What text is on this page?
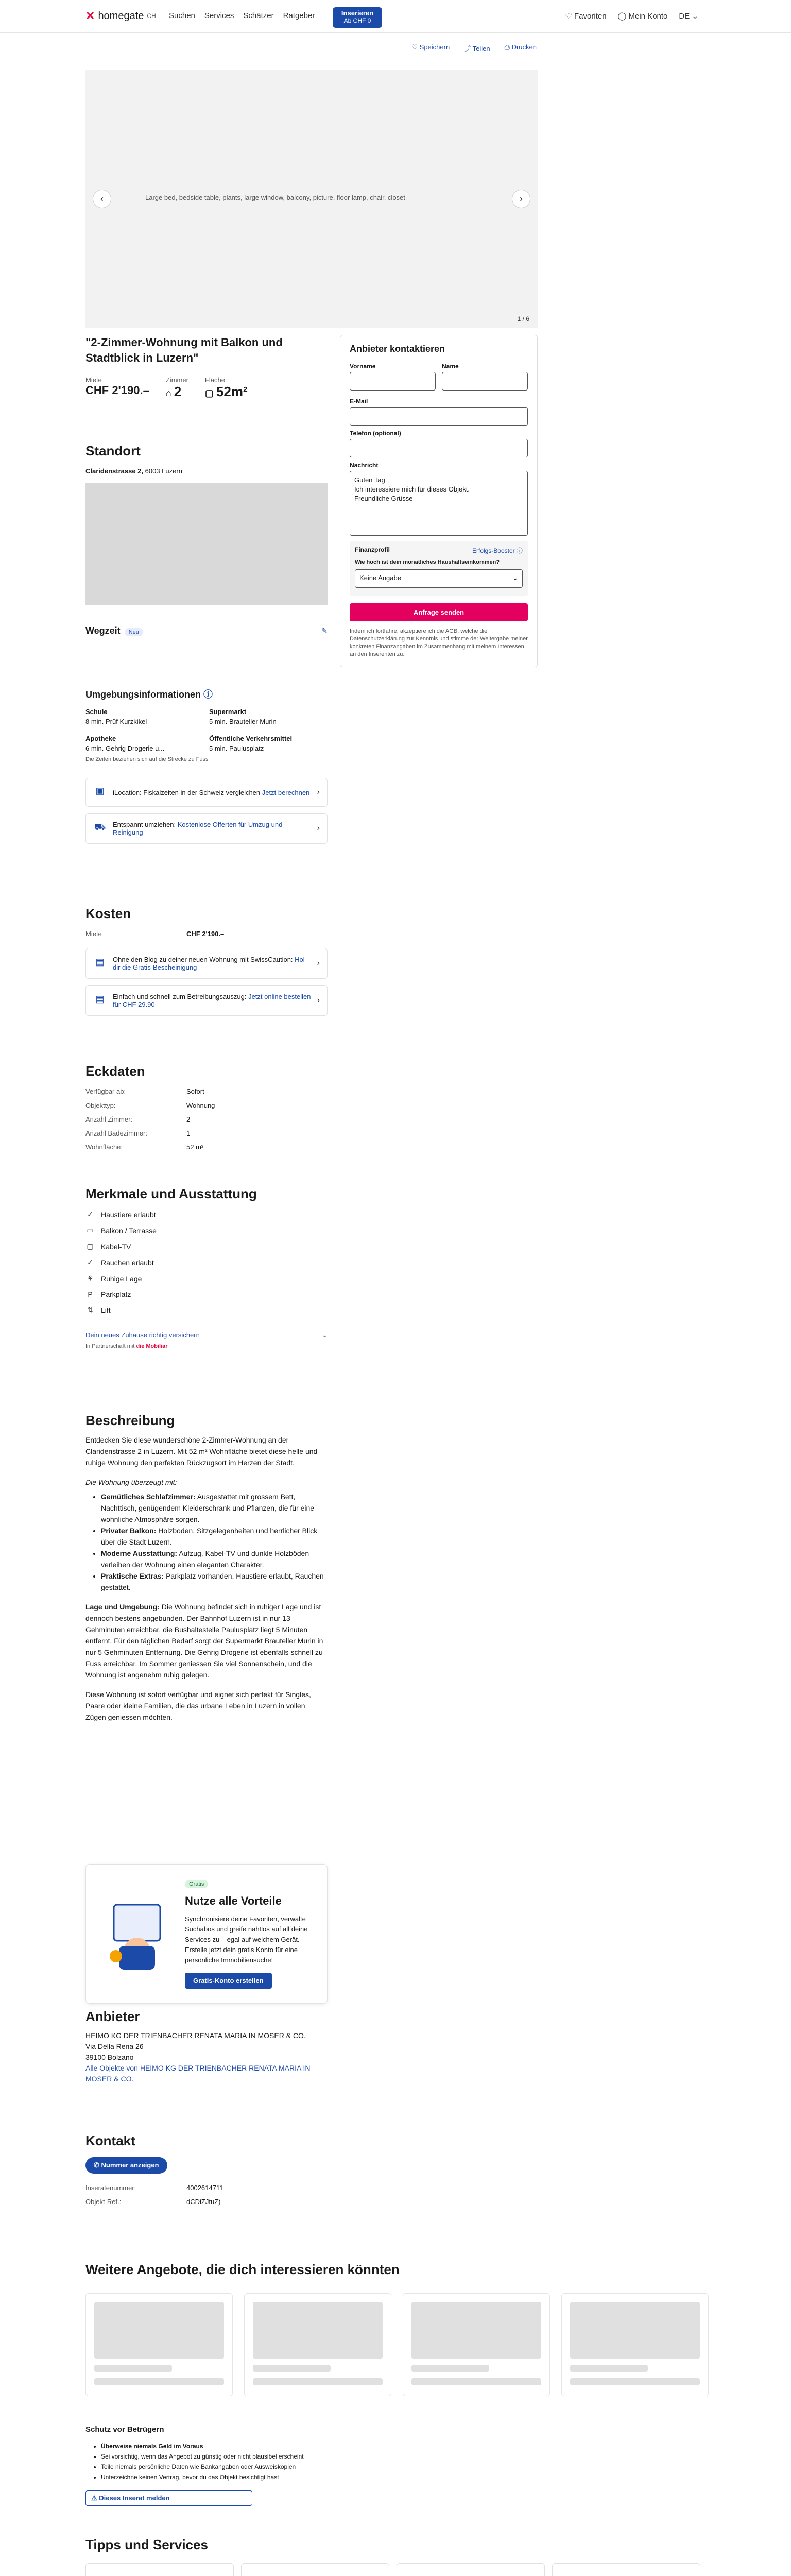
✕ homegate CH Suchen Services Schätzer Ratgeber	Inserieren
Ab CHF 0	♡ Favoriten ◯ Mein Konto DE ⌄
♡ Speichern ⤴ Teilen ⎙ Drucken
Large bed, bedside table, plants, large window, balcony, picture, floor lamp, chair, closet
‹	›
1 / 6
"2-Zimmer-Wohnung mit Balkon und Stadtblick in Luzern"
Miete
CHF 2'190.–
Zimmer
⌂ 2
Fläche
▢ 52m²
Standort
Claridenstrasse 2, 6003 Luzern
Wegzeit Neu	✎
Umgebungsinformationen ⓘ
Schule
8 min. Prüf Kurzkikel
Supermarkt
5 min. Brauteller Murin
Apotheke
6 min. Gehrig Drogerie u...
Öffentliche Verkehrsmittel
5 min. Paulusplatz
Die Zeiten beziehen sich auf die Strecke zu Fuss
▣	iLocation: Fiskalzeiten in der Schweiz vergleichen Jetzt berechnen ›
⛟ Entspannt umziehen: Kostenlose Offerten für Umzug und Reinigung	›
Kosten
Miete	CHF 2'190.–
▤	Ohne den Blog zu deiner neuen Wohnung mit SwissCaution: Hol dir die Gratis-Bescheinigung	›
▤	Einfach und schnell zum Betreibungsauszug: Jetzt online bestellen für CHF 29.90	›
Eckdaten
Verfügbar ab:	Sofort
Objekttyp:	Wohnung
Anzahl Zimmer:	2
Anzahl Badezimmer:	1
Wohnfläche:	52 m²
Merkmale und Ausstattung
✓ Haustiere erlaubt
▭ Balkon / Terrasse
▢ Kabel-TV
✓ Rauchen erlaubt
⚘ Ruhige Lage
P	Parkplatz
⇅ Lift
Dein neues Zuhause richtig versichern
In Partnerschaft mit die Mobiliar
⌄
Beschreibung

Entdecken Sie diese wunderschöne 2-Zimmer-Wohnung an der Claridenstrasse 2 in Luzern. Mit 52 m² Wohnfläche bietet diese helle und ruhige Wohnung den perfekten Rückzugsort im Herzen der Stadt.

Die Wohnung überzeugt mit:

• Gemütliches Schlafzimmer: Ausgestattet mit grossem Bett, Nachttisch, genügendem Kleiderschrank und Pflanzen, die für eine wohnliche Atmosphäre sorgen.
• Privater Balkon: Holzboden, Sitzgelegenheiten und herrlicher Blick über die Stadt Luzern.
• Moderne Ausstattung: Aufzug, Kabel-TV und dunkle Holzböden verleihen der Wohnung einen eleganten Charakter.
• Praktische Extras: Parkplatz vorhanden, Haustiere erlaubt, Rauchen gestattet.

Lage und Umgebung: Die Wohnung befindet sich in ruhiger Lage und ist dennoch bestens angebunden. Der Bahnhof Luzern ist in nur 13 Gehminuten erreichbar, die Bushaltestelle Paulusplatz liegt 5 Minuten entfernt. Für den täglichen Bedarf sorgt der Supermarkt Brauteller Murin in nur 5 Gehminuten Entfernung. Die Gehrig Drogerie ist ebenfalls schnell zu Fuss erreichbar. Im Sommer geniessen Sie viel Sonnenschein, und die Wohnung ist angenehm ruhig gelegen.

Diese Wohnung ist sofort verfügbar und eignet sich perfekt für Singles, Paare oder kleine Familien, die das urbane Leben in Luzern in vollen Zügen geniessen möchten.

Gratis
Nutze alle Vorteile
Synchronisiere deine Favoriten, verwalte Suchabos und greife nahtlos auf all deine Services zu – egal auf welchem Gerät. Erstelle jetzt dein gratis Konto für eine persönliche Immobiliensuche!
Gratis-Konto erstellen
Anbieter
HEIMO KG DER TRIENBACHER RENATA MARIA IN MOSER & CO.
Via Della Rena 26
39100 Bolzano
Alle Objekte von HEIMO KG DER TRIENBACHER RENATA MARIA IN MOSER & CO.
Kontakt
✆ Nummer anzeigen
Inseratenummer:	4002614711
Objekt-Ref.:	dCDiZJtuZ)
Weitere Angebote, die dich interessieren könnten
Schutz vor Betrügern
• Überweise niemals Geld im Voraus
• Sei vorsichtig, wenn das Angebot zu günstig oder nicht plausibel erscheint
• Teile niemals persönliche Daten wie Bankangaben oder Ausweiskopien
• Unterzeichne keinen Vertrag, bevor du das Objekt besichtigt hast
⚠ Dieses Inserat melden
Tipps und Services
Anbieter kontaktieren
Vorname	Name
E-Mail
Telefon (optional)
Nachricht
Guten Tag
Ich interessiere mich für dieses Objekt.
Freundliche Grüsse
Finanzprofil	Erfolgs-Booster ⓘ
Wie hoch ist dein monatliches Haushaltseinkommen?
Keine Angabe	⌄
Anfrage senden
Indem ich fortfahre, akzeptiere ich die AGB, welche die Datenschutzerklärung zur Kenntnis und stimme der Weitergabe meiner konkreten Finanzangaben im Zusammenhang mit meinem Interessen an den Inserenten zu.
